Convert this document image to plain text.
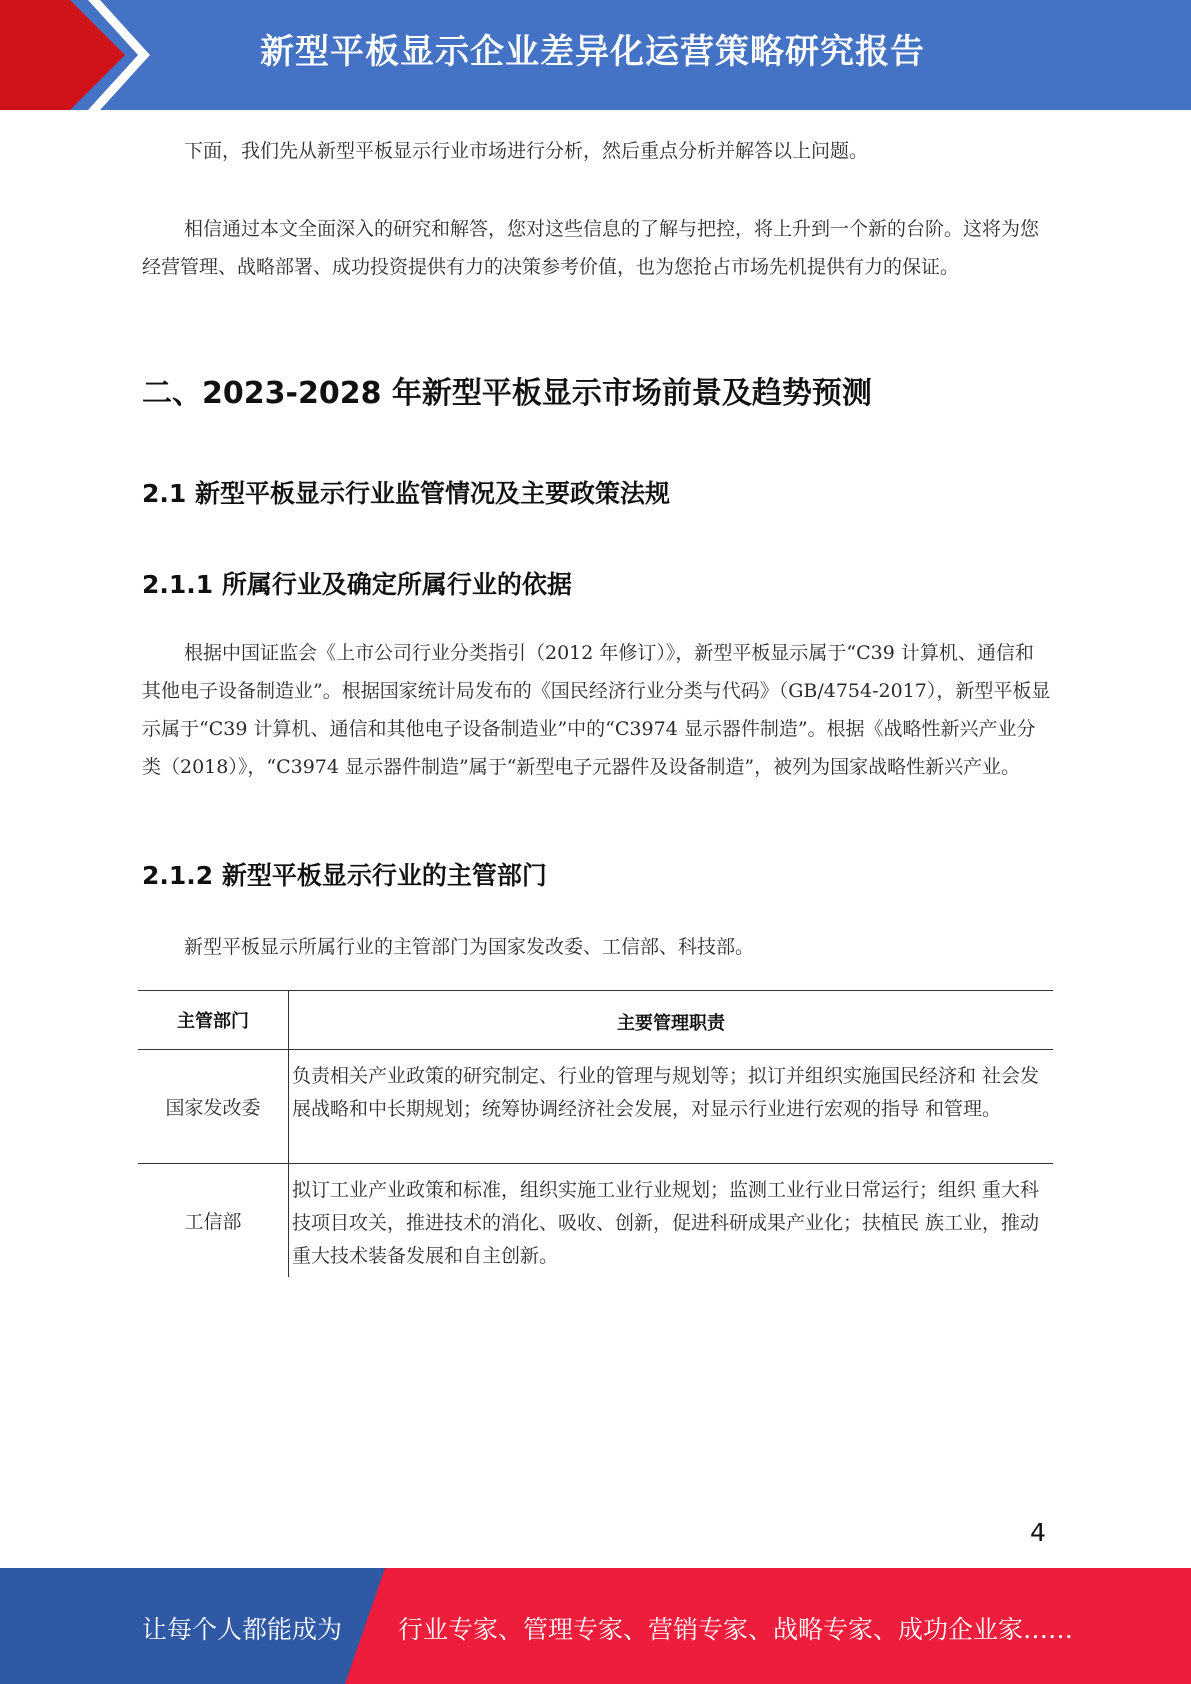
新型平板显示企业差异化运营策略研究报告
下面，我们先从新型平板显示行业市场进行分析，然后重点分析并解答以上问题。
相信通过本文全面深入的研究和解答，您对这些信息的了解与把控，将上升到一个新的台阶。这将为您经营管理、战略部署、成功投资提供有力的决策参考价值，也为您抢占市场先机提供有力的保证。
二、2023-2028 年新型平板显示市场前景及趋势预测
2.1 新型平板显示行业监管情况及主要政策法规
2.1.1 所属行业及确定所属行业的依据
根据中国证监会《上市公司行业分类指引（2012 年修订）》，新型平板显示属于“C39 计算机、通信和其他电子设备制造业”。根据国家统计局发布的《国民经济行业分类与代码》（GB/4754-2017），新型平板显示属于“C39 计算机、通信和其他电子设备制造业”中的“C3974 显示器件制造”。根据《战略性新兴产业分类（2018）》，“C3974 显示器件制造”属于“新型电子元器件及设备制造”，被列为国家战略性新兴产业。
2.1.2 新型平板显示行业的主管部门
新型平板显示所属行业的主管部门为国家发改委、工信部、科技部。
主管部门	主要管理职责
国家发改委
负责相关产业政策的研究制定、行业的管理与规划等；拟订并组织实施国民经济和 社会发展战略和中长期规划；统筹协调经济社会发展，对显示行业进行宏观的指导 和管理。
工信部
拟订工业产业政策和标准，组织实施工业行业规划；监测工业行业日常运行；组织 重大科技项目攻关，推进技术的消化、吸收、创新，促进科研成果产业化；扶植民 族工业，推动重大技术装备发展和自主创新。
4
让每个人都能成为 行业专家、管理专家、营销专家、战略专家、成功企业家……
